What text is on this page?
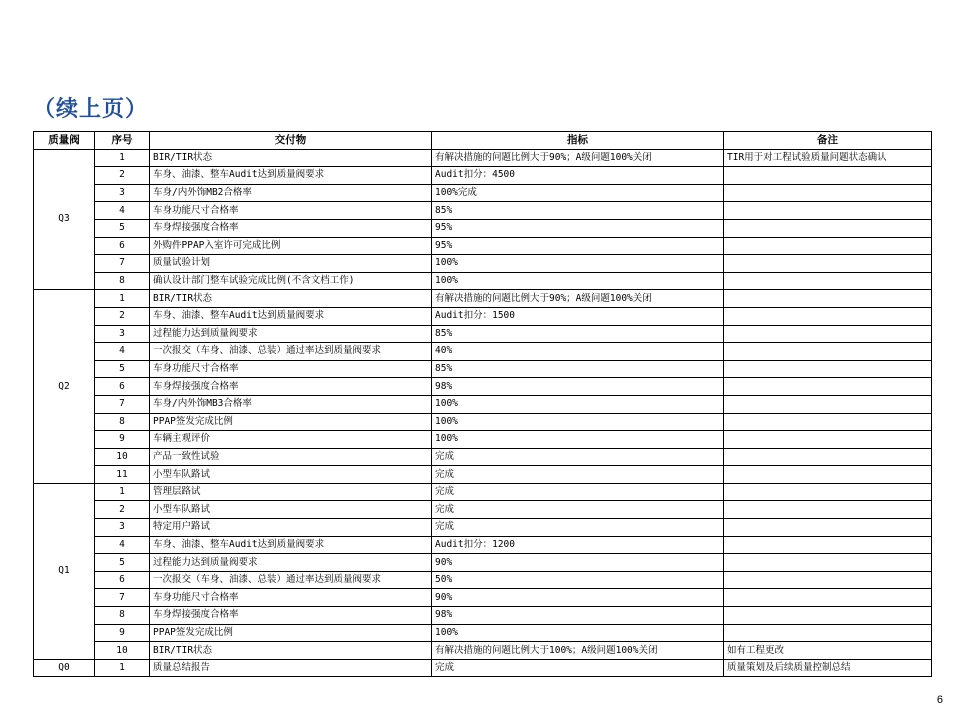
（续上页）
质量阀	序号	交付物	指标	备注
Q3	1	BIR/TIR状态	有解决措施的问题比例大于90%；A级问题100%关闭	TIR用于对工程试验质量问题状态确认
	2	车身、油漆、整车Audit达到质量阀要求	Audit扣分：4500	
	3	车身/内外饰MB2合格率	100%完成	
	4	车身功能尺寸合格率	85%	
	5	车身焊接强度合格率	95%	
	6	外购件PPAP入室许可完成比例	95%	
	7	质量试验计划	100%	
	8	确认设计部门整车试验完成比例(不含文档工作)	100%	
Q2	1	BIR/TIR状态	有解决措施的问题比例大于90%；A级问题100%关闭	
	2	车身、油漆、整车Audit达到质量阀要求	Audit扣分：1500	
	3	过程能力达到质量阀要求	85%	
	4	一次报交（车身、油漆、总装）通过率达到质量阀要求	40%	
	5	车身功能尺寸合格率	85%	
	6	车身焊接强度合格率	98%	
	7	车身/内外饰MB3合格率	100%	
	8	PPAP签发完成比例	100%	
	9	车辆主观评价	100%	
	10	产品一致性试验	完成	
	11	小型车队路试	完成	
Q1	1	管理层路试	完成	
	2	小型车队路试	完成	
	3	特定用户路试	完成	
	4	车身、油漆、整车Audit达到质量阀要求	Audit扣分：1200	
	5	过程能力达到质量阀要求	90%	
	6	一次报交（车身、油漆、总装）通过率达到质量阀要求	50%	
	7	车身功能尺寸合格率	90%	
	8	车身焊接强度合格率	98%	
	9	PPAP签发完成比例	100%	
	10	BIR/TIR状态	有解决措施的问题比例大于100%；A级问题100%关闭	如有工程更改
Q0	1	质量总结报告	完成	质量策划及后续质量控制总结
6
